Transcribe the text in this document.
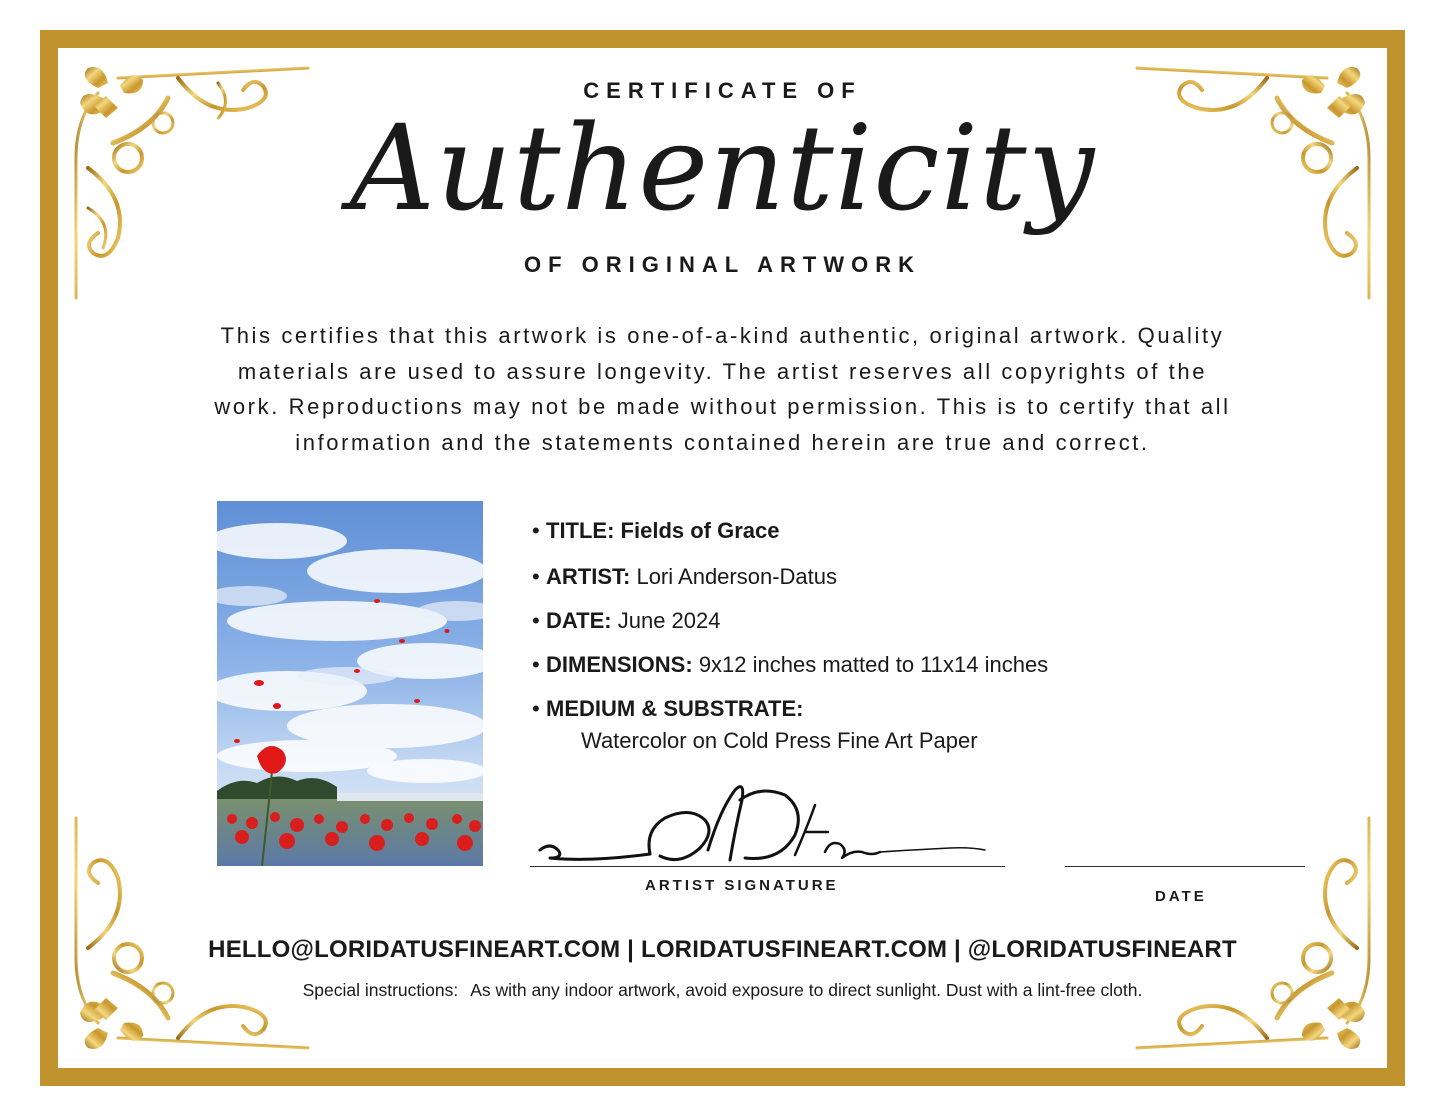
CERTIFICATE OF
Authenticity
OF ORIGINAL ARTWORK
This certifies that this artwork is one-of-a-kind authentic, original artwork. Quality
materials are used to assure longevity. The artist reserves all copyrights of the
work. Reproductions may not be made without permission. This is to certify that all
information and the statements contained herein are true and correct.
• TITLE: Fields of Grace
• ARTIST: Lori Anderson-Datus
• DATE: June 2024
• DIMENSIONS: 9x12 inches matted to 11x14 inches
• MEDIUM & SUBSTRATE:
Watercolor on Cold Press Fine Art Paper
ARTIST SIGNATURE
DATE
HELLO@LORIDATUSFINEART.COM | LORIDATUSFINEART.COM | @LORIDATUSFINEART
Special instructions: As with any indoor artwork, avoid exposure to direct sunlight. Dust with a lint-free cloth.
